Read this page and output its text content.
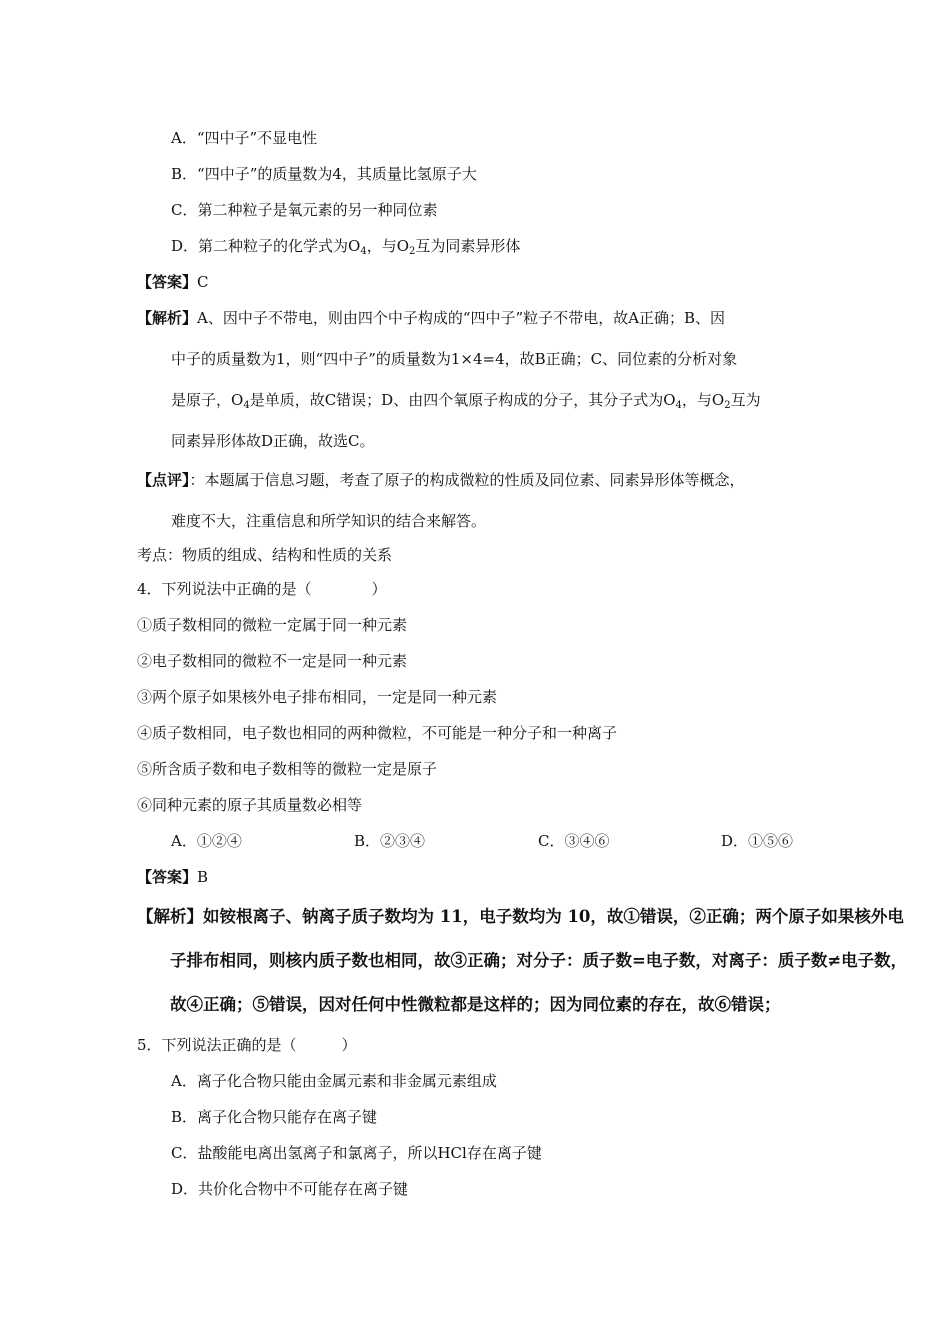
A．“四中子”不显电性
B．“四中子”的质量数为4，其质量比氢原子大
C．第二种粒子是氧元素的另一种同位素
D．第二种粒子的化学式为$O_4$，与$O_2$互为同素异形体
【答案】C
【解析】A、因中子不带电，则由四个中子构成的“四中子”粒子不带电，故A正确；B、因
中子的质量数为1，则“四中子”的质量数为1×4=4，故B正确；C、同位素的分析对象
是原子，$O_4$是单质，故C错误；D、由四个氧原子构成的分子，其分子式为$O_4$，与$O_2$互为
同素异形体故D正确，故选C。
【点评】：本题属于信息习题，考查了原子的构成微粒的性质及同位素、同素异形体等概念，
难度不大，注重信息和所学知识的结合来解答。
考点：物质的组成、结构和性质的关系
4．下列说法中正确的是（　　　　）
①质子数相同的微粒一定属于同一种元素
②电子数相同的微粒不一定是同一种元素
③两个原子如果核外电子排布相同，一定是同一种元素
④质子数相同，电子数也相同的两种微粒，不可能是一种分子和一种离子
⑤所含质子数和电子数相等的微粒一定是原子
⑥同种元素的原子其质量数必相等
A．①②④	B．②③④	C．③④⑥	D．①⑤⑥
【答案】B
【解析】如铵根离子、钠离子质子数均为 11，电子数均为 10，故①错误，②正确；两个原子如果核外电
子排布相同，则核内质子数也相同，故③正确；对分子：质子数=电子数，对离子：质子数≠电子数，
故④正确；⑤错误，因对任何中性微粒都是这样的；因为同位素的存在，故⑥错误；
5．下列说法正确的是（　　　）
A．离子化合物只能由金属元素和非金属元素组成
B．离子化合物只能存在离子键
C．盐酸能电离出氢离子和氯离子，所以HCl存在离子键
D．共价化合物中不可能存在离子键
